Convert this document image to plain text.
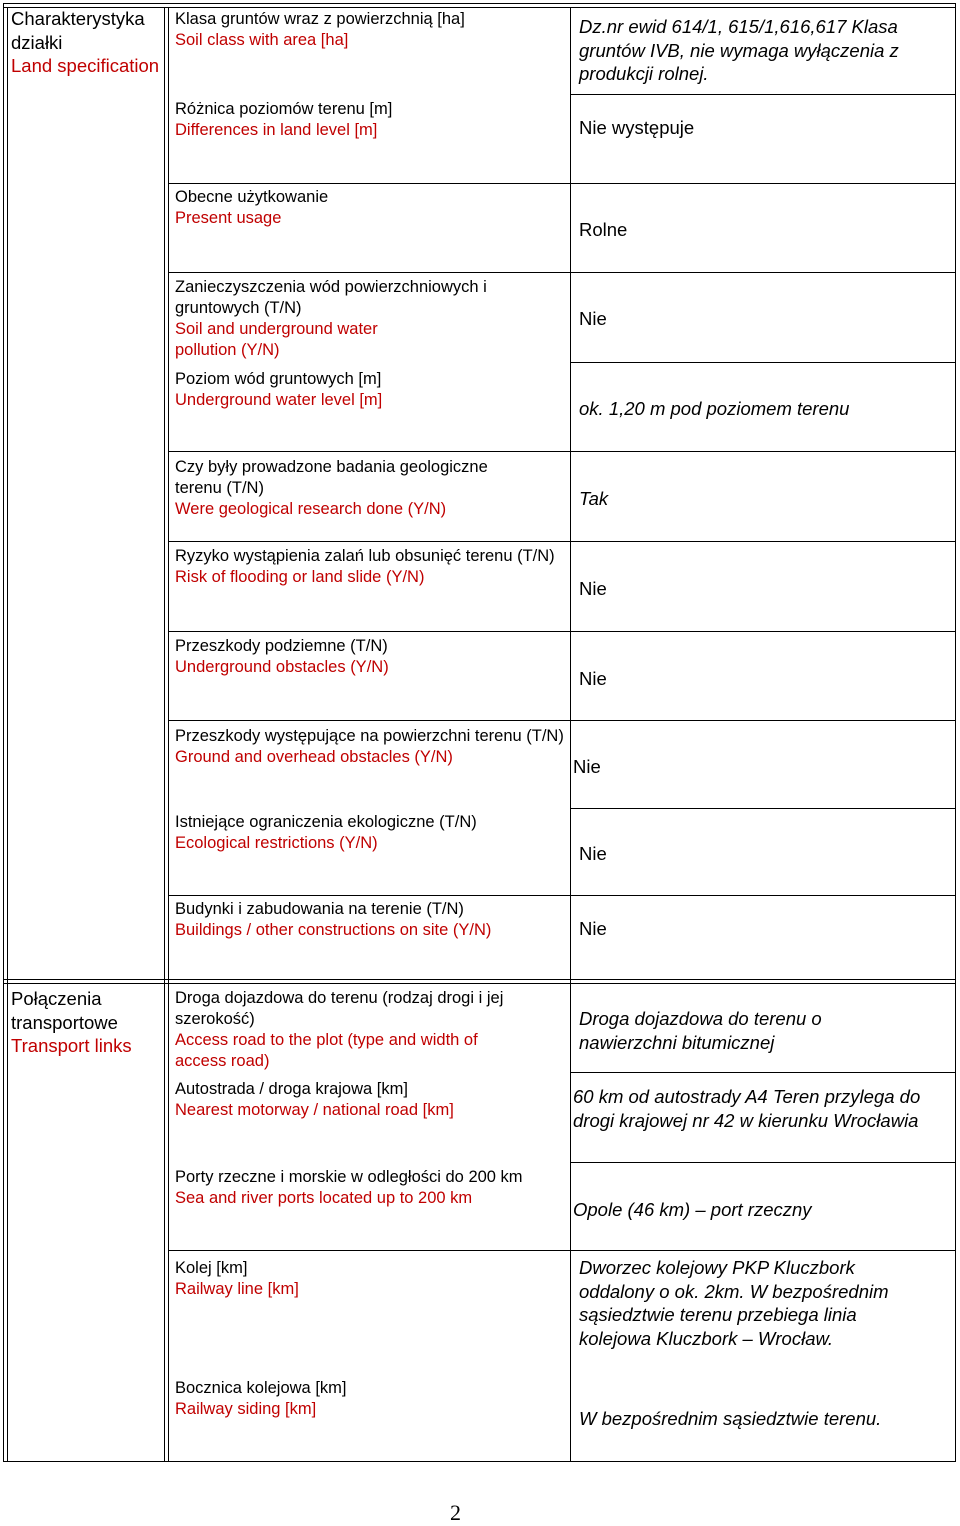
Charakterystyka działki
Land specification
Klasa gruntów wraz z powierzchnią [ha]
Soil class with area [ha]
Różnica poziomów terenu [m]
Differences in land level [m]
Obecne użytkowanie
Present usage
Zanieczyszczenia wód powierzchniowych i gruntowych (T/N)
Soil and underground water pollution (Y/N)
Poziom wód gruntowych [m]
Underground water level [m]
Czy były prowadzone badania geologiczne terenu (T/N)
Were geological research done (Y/N)
Ryzyko wystąpienia zalań lub obsunięć terenu (T/N)
Risk of flooding or land slide (Y/N)
Przeszkody podziemne (T/N)
Underground obstacles (Y/N)
Przeszkody występujące na powierzchni terenu (T/N)
Ground and overhead obstacles (Y/N)
Istniejące ograniczenia ekologiczne (T/N)
Ecological restrictions (Y/N)
Budynki i zabudowania na terenie (T/N)
Buildings / other constructions on site (Y/N)
Dz.nr ewid 614/1, 615/1,616,617 Klasa gruntów IVB, nie wymaga wyłączenia z produkcji rolnej.
Nie występuje
Rolne
Nie
ok. 1,20 m pod poziomem terenu
Tak
Nie
Nie
Nie
Nie
Nie
Połączenia transportowe
Transport links
Droga dojazdowa do terenu (rodzaj drogi i jej szerokość)
Access road to the plot (type and width of access road)
Autostrada / droga krajowa [km]
Nearest motorway / national road [km]
Porty rzeczne i morskie w odległości do 200 km
Sea and river ports located up to 200 km
Kolej [km]
Railway line [km]
Bocznica kolejowa [km]
Railway siding [km]
Droga dojazdowa do terenu o nawierzchni bitumicznej
60 km od autostrady A4 Teren przylega do drogi krajowej nr 42 w kierunku Wrocławia
Opole (46 km) – port rzeczny
Dworzec kolejowy PKP Kluczbork oddalony o ok. 2km. W bezpośrednim sąsiedztwie terenu przebiega linia kolejowa Kluczbork – Wrocław.
W bezpośrednim sąsiedztwie terenu.
2
